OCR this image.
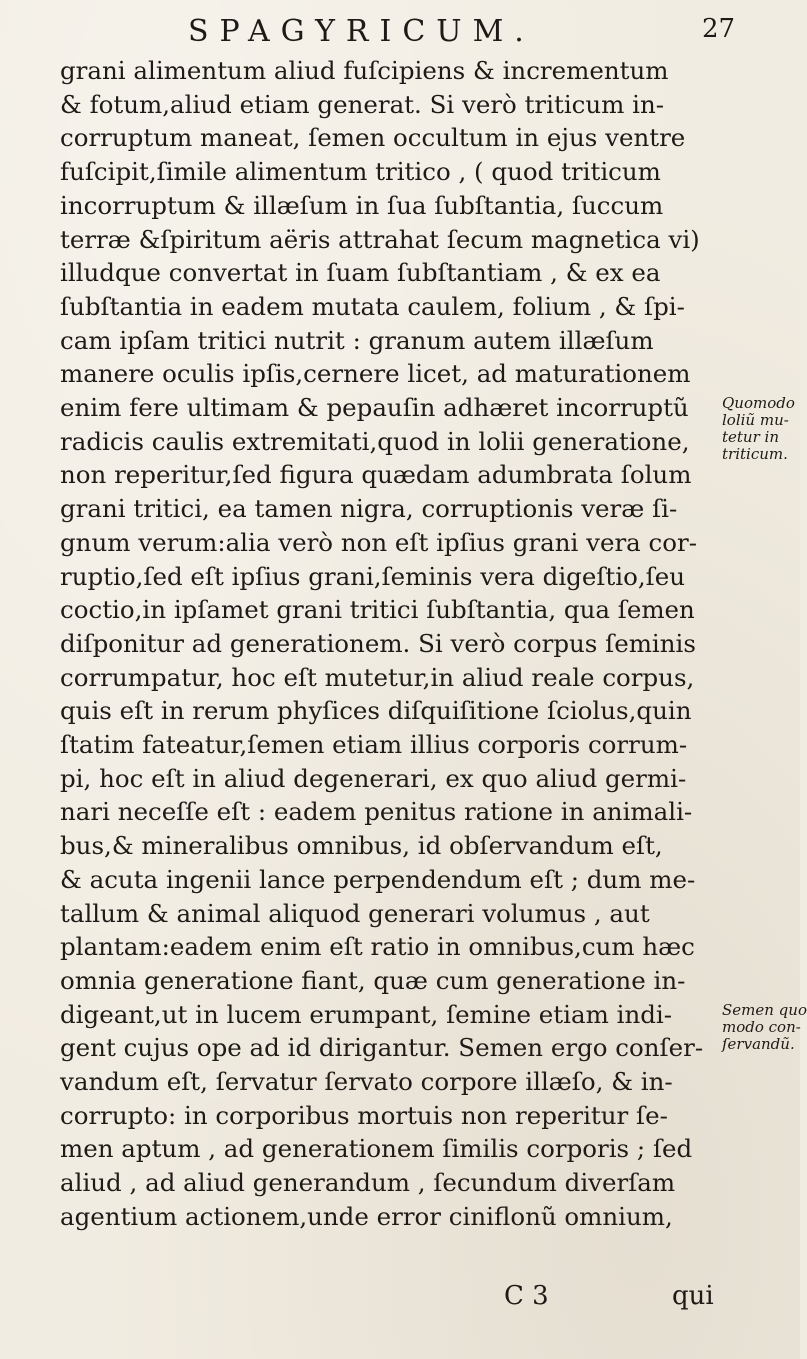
SPAGYRICUM.	27
grani alimentum aliud fuſcipiens & incrementum
& fotum,aliud etiam generat. Si verò triticum in-
corruptum maneat, ſemen occultum in ejus ventre
fuſcipit,ſimile alimentum tritico , ( quod triticum
incorruptum & illæſum in ſua ſubſtantia, ſuccum
terræ &ſpiritum aëris attrahat ſecum magnetica vi)
illudque convertat in ſuam ſubſtantiam , & ex ea
ſubſtantia in eadem mutata caulem, folium , & ſpi-
cam ipſam tritici nutrit : granum autem illæſum
manere oculis ipſis,cernere licet, ad maturationem
enim fere ultimam & pepauſin adhæret incorruptũ
radicis caulis extremitati,quod in lolii generatione,
non reperitur,ſed figura quædam adumbrata ſolum
grani tritici, ea tamen nigra, corruptionis veræ ſi-
gnum verum:alia verò non eſt ipſius grani vera cor-
ruptio,ſed eſt ipſius grani,ſeminis vera digeſtio,ſeu
coctio,in ipſamet grani tritici ſubſtantia, qua ſemen
diſponitur ad generationem. Si verò corpus ſeminis
corrumpatur, hoc eſt mutetur,in aliud reale corpus,
quis eſt in rerum phyſices diſquiſitione ſciolus,quin
ſtatim fateatur,ſemen etiam illius corporis corrum-
pi, hoc eſt in aliud degenerari, ex quo aliud germi-
nari neceſſe eſt : eadem penitus ratione in animali-
bus,& mineralibus omnibus, id obſervandum eſt,
& acuta ingenii lance perpendendum eſt ; dum me-
tallum & animal aliquod generari volumus , aut
plantam:eadem enim eſt ratio in omnibus,cum hæc
omnia generatione fiant, quæ cum generatione in-
digeant,ut in lucem erumpant, ſemine etiam indi-
gent cujus ope ad id dirigantur. Semen ergo conſer-
vandum eſt, ſervatur ſervato corpore illæſo, & in-
corrupto: in corporibus mortuis non reperitur ſe-
men aptum , ad generationem ſimilis corporis ; ſed
aliud , ad aliud generandum , ſecundum diverſam
agentium actionem,unde error ciniflonũ omnium,
Quomodo
loliũ mu-
tetur in
triticum.
Semen quo
modo con-
ſervandũ.
C 3	qui
